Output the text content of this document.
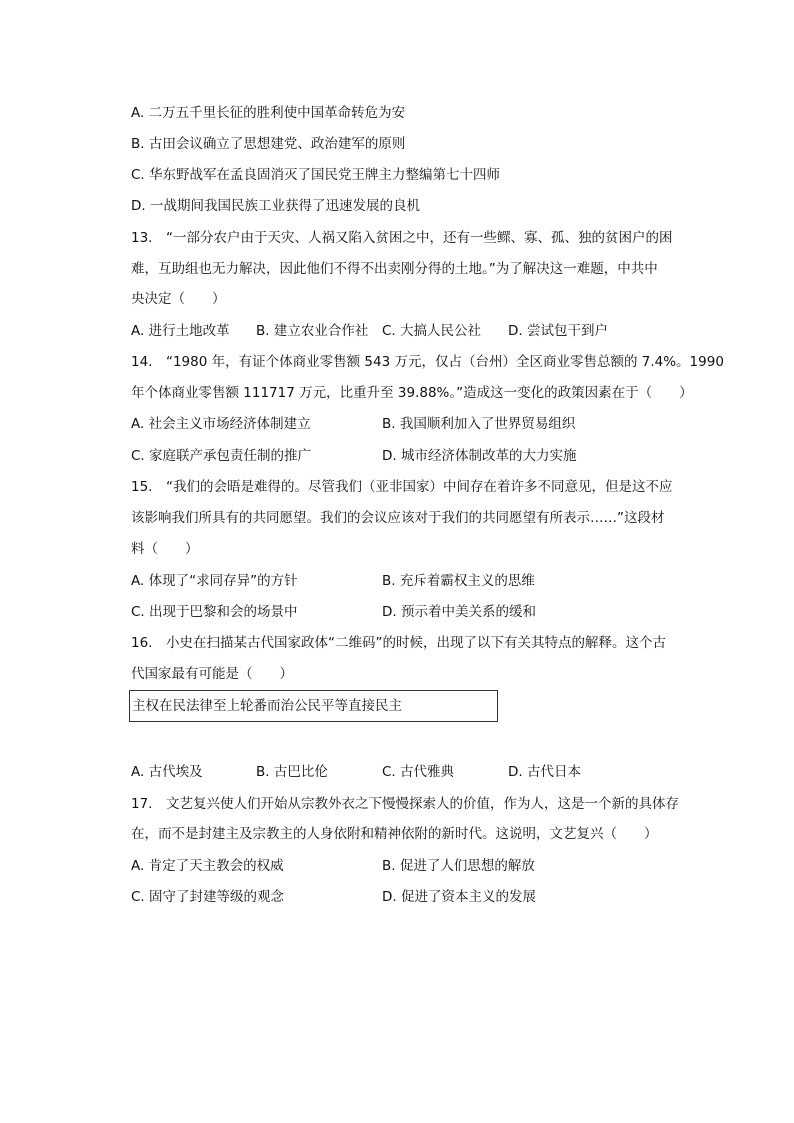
A. 二万五千里长征的胜利使中国革命转危为安
B. 古田会议确立了思想建党、政治建军的原则
C. 华东野战军在孟良固消灭了国民党王牌主力整编第七十四师
D. 一战期间我国民族工业获得了迅速发展的良机
13.　“一部分农户由于天灾、人祸又陷入贫困之中，还有一些鳏、寡、孤、独的贫困户的困
难，互助组也无力解决，因此他们不得不出卖刚分得的土地。”为了解决这一难题，中共中
央决定（　　）
A. 进行土地改革 B. 建立农业合作社 C. 大搞人民公社 D. 尝试包干到户
14.　“1980 年，有证个体商业零售额 543 万元，仅占（台州）全区商业零售总额的 7.4%。1990
年个体商业零售额 111717 万元，比重升至 39.88%。”造成这一变化的政策因素在于（　　）
A. 社会主义市场经济体制建立	B. 我国顺利加入了世界贸易组织
C. 家庭联产承包责任制的推广	D. 城市经济体制改革的大力实施
15.　“我们的会晤是难得的。尽管我们（亚非国家）中间存在着许多不同意见，但是这不应
该影响我们所具有的共同愿望。我们的会议应该对于我们的共同愿望有所表示……”这段材
料（　　）
A. 体现了“求同存异”的方针	B. 充斥着霸权主义的思维
C. 出现于巴黎和会的场景中	D. 预示着中美关系的缓和
16.　小史在扫描某古代国家政体“二维码”的时候，出现了以下有关其特点的解释。这个古
代国家最有可能是（　　）
主权在民法律至上轮番而治公民平等直接民主
A. 古代埃及	B. 古巴比伦	C. 古代雅典	D. 古代日本
17.　文艺复兴使人们开始从宗教外衣之下慢慢探索人的价值，作为人，这是一个新的具体存
在，而不是封建主及宗教主的人身依附和精神依附的新时代。这说明，文艺复兴（　　）
A. 肯定了天主教会的权威	B. 促进了人们思想的解放
C. 固守了封建等级的观念	D. 促进了资本主义的发展
